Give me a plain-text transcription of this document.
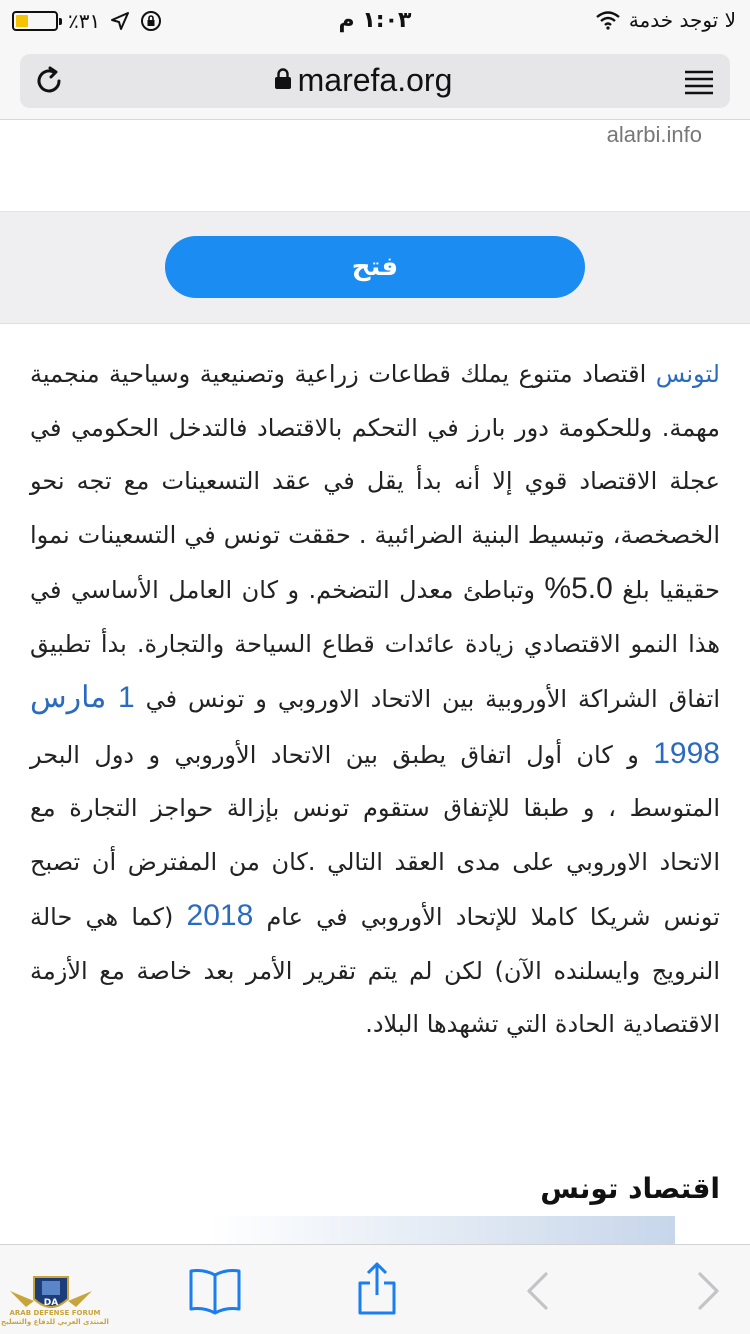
٪٣١	١:٠٣ م	لا توجد خدمة
marefa.org
alarbi.info
فتح
لتونس اقتصاد متنوع يملك قطاعات زراعية وتصنيعية وسياحية منجمية مهمة. وللحكومة دور بارز في التحكم بالاقتصاد فالتدخل الحكومي في عجلة الاقتصاد قوي إلا أنه بدأ يقل في عقد التسعينات مع تجه نحو الخصخصة، وتبسيط البنية الضرائبية . حققت تونس في التسعينات نموا حقيقيا بلغ 5.0% وتباطئ معدل التضخم. و كان العامل الأساسي في هذا النمو الاقتصادي زيادة عائدات قطاع السياحة والتجارة. بدأ تطبيق اتفاق الشراكة الأوروبية بين الاتحاد الاوروبي و تونس في 1 مارس 1998 و كان أول اتفاق يطبق بين الاتحاد الأوروبي و دول البحر المتوسط ، و طبقا للإتفاق ستقوم تونس بإزالة حواجز التجارة مع الاتحاد الاوروبي على مدى العقد التالي .كان من المفترض أن تصبح تونس شريكا كاملا للإتحاد الأوروبي في عام 2018 (كما هي حالة النرويج وايسلنده الآن) لكن لم يتم تقرير الأمر بعد خاصة مع الأزمة الاقتصادية الحادة التي تشهدها البلاد.
اقتصاد تونس
DA
ARAB DEFENSE FORUM
المنتدى العربي للدفاع والتسليح
